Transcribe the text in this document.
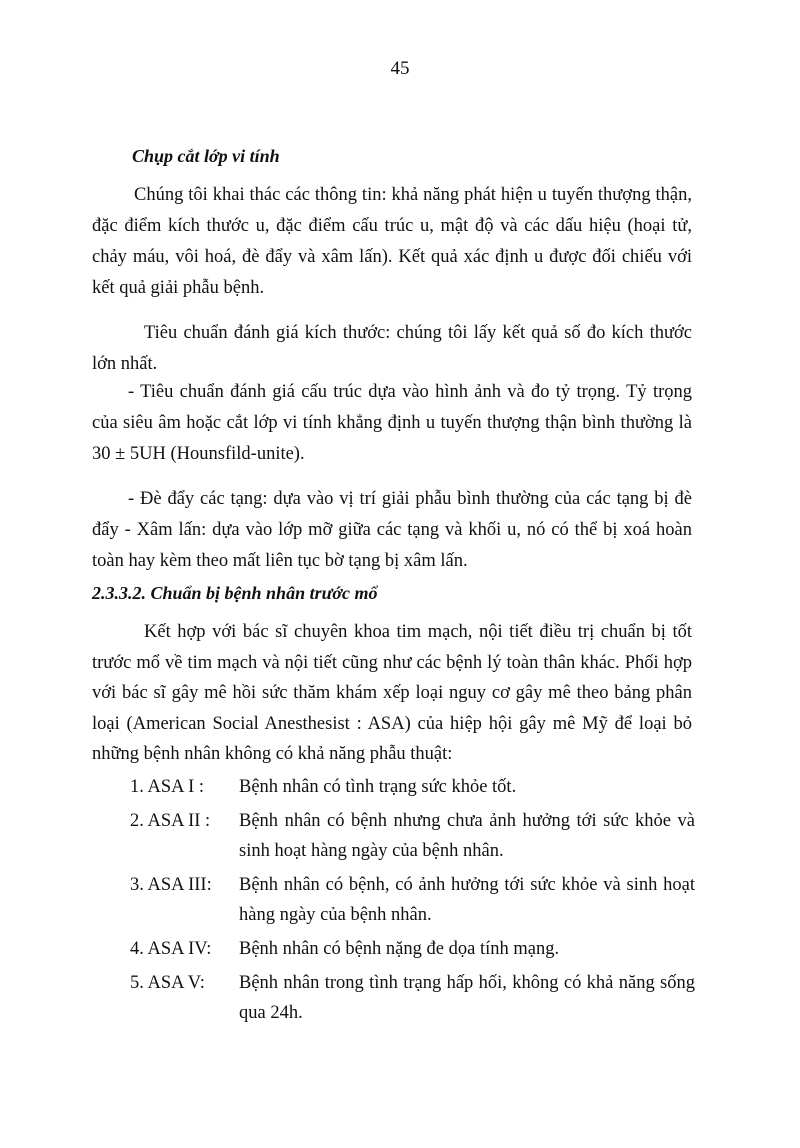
45
Chụp cắt lớp vi tính

Chúng tôi khai thác các thông tin: khả năng phát hiện u tuyến thượng thận, đặc điểm kích thước u, đặc điểm cấu trúc u, mật độ và các dấu hiệu (hoại tử, chảy máu, vôi hoá, đè đẩy và xâm lấn). Kết quả xác định u được đối chiếu với kết quả giải phẫu bệnh.

Tiêu chuẩn đánh giá kích thước: chúng tôi lấy kết quả số đo kích thước lớn nhất.

- Tiêu chuẩn đánh giá cấu trúc dựa vào hình ảnh và đo tỷ trọng. Tỷ trọng của siêu âm hoặc cắt lớp vi tính khẳng định u tuyến thượng thận bình thường là 30 ± 5UH (Hounsfild-unite).

- Đè đẩy các tạng: dựa vào vị trí giải phẫu bình thường của các tạng bị đè đẩy - Xâm lấn: dựa vào lớp mỡ giữa các tạng và khối u, nó có thể bị xoá hoàn toàn hay kèm theo mất liên tục bờ tạng bị xâm lấn.

2.3.3.2. Chuẩn bị bệnh nhân trước mổ

Kết hợp với bác sĩ chuyên khoa tim mạch, nội tiết điều trị chuẩn bị tốt trước mổ về tim mạch và nội tiết cũng như các bệnh lý toàn thân khác. Phối hợp với bác sĩ gây mê hồi sức thăm khám xếp loại nguy cơ gây mê theo bảng phân loại (American Social Anesthesist : ASA) của hiệp hội gây mê Mỹ để loại bỏ những bệnh nhân không có khả năng phẫu thuật:

1. ASA I :	Bệnh nhân có tình trạng sức khỏe tốt.
2. ASA II :	Bệnh nhân có bệnh nhưng chưa ảnh hưởng tới sức khỏe và sinh hoạt hàng ngày của bệnh nhân.
3. ASA III:	Bệnh nhân có bệnh, có ảnh hưởng tới sức khỏe và sinh hoạt hàng ngày của bệnh nhân.
4. ASA IV:	Bệnh nhân có bệnh nặng đe dọa tính mạng.
5. ASA V:	Bệnh nhân trong tình trạng hấp hối, không có khả năng sống qua 24h.
